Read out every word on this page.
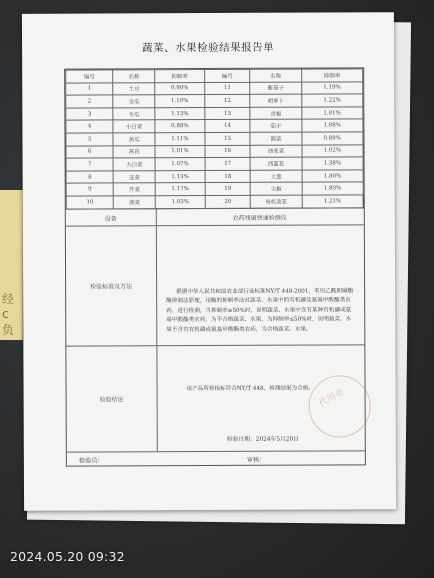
经 c 负
蔬菜、水果检验结果报告单
编号	名称	抑制率	编号	名称	抑制率
1	土豆	0.90%	11	紫茄子	1.19%
2	金瓜	1.10%	12	胡萝卜	1.22%
3	冬瓜	1.13%	13	青椒	1.01%
4	小白菜	0.88%	14	茄子	1.08%
5	黄瓜	1.11%	15	圆菜	0.89%
6	莴苣	1.01%	16	油麦菜	1.02%
7	大白菜	1.07%	17	西蓝花	1.38%
8	韭菜	1.13%	18	大葱	1.80%
9	芹菜	1.17%	19	尖椒	1.80%
10	菠菜	1.03%	20	有机菜花	1.21%
设备	农药残留快速检测仪
检验标准及方法
根据中华人民共和国农业部行业标准NY/T 448-2001，采用乙酰胆碱酯酶抑制法原理，用酶的抑制率法对蔬菜、水果中的有机磷及氨基甲酸酯类农药，进行检测，当抑制率≥50%时，说明蔬菜、水果中含有某种有机磷或氨基甲酸酯类农药，为不合格蔬菜、水果，为抑制率≤50%时，说明蔬菜、水果不含有有机磷或氨基甲酸酯类农药，为合格蔬菜、水果。
检验结论
该产品所检指标符合NY/T 448，检测结果为合格。 代用章
检验日期：2024年5月20日
检验员：	审核：
2024.05.20 09:32
